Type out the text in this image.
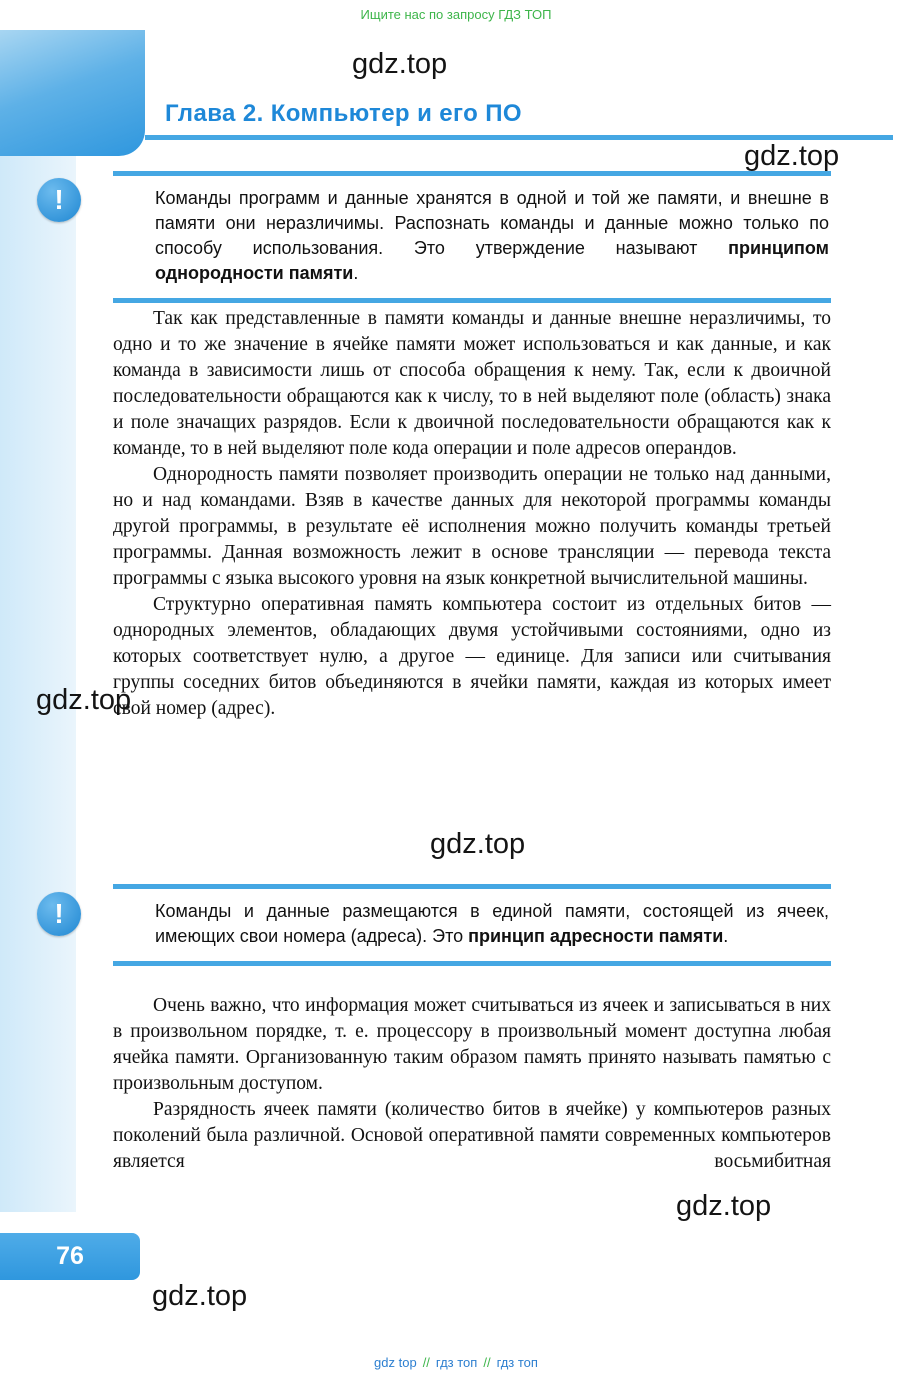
Ищите нас по запросу ГДЗ ТОП
gdz.top
gdz.top
gdz.top
gdz.top
gdz.top
gdz.top
Глава 2. Компьютер и его ПО
!	Команды программ и данные хранятся в одной и той же памяти, и внешне в памяти они неразличимы. Распознать команды и данные можно только по способу использования. Это утверждение называют принципом однородности памяти.

Так как представленные в памяти команды и данные внешне неразличимы, то одно и то же значение в ячейке памяти может использоваться и как данные, и как команда в зависимости лишь от способа обращения к нему. Так, если к двоичной последовательности обращаются как к числу, то в ней выделяют поле (область) знака и поле значащих разрядов. Если к двоичной последовательности обращаются как к команде, то в ней выделяют поле кода операции и поле адресов операндов.

Однородность памяти позволяет производить операции не только над данными, но и над командами. Взяв в качестве данных для некоторой программы команды другой программы, в результате её исполнения можно получить команды третьей программы. Данная возможность лежит в основе трансляции — перевода текста программы с языка высокого уровня на язык конкретной вычислительной машины.

Структурно оперативная память компьютера состоит из отдельных битов — однородных элементов, обладающих двумя устойчивыми состояниями, одно из которых соответствует нулю, а другое — единице. Для записи или считывания группы соседних битов объединяются в ячейки памяти, каждая из которых имеет свой номер (адрес).

!	Команды и данные размещаются в единой памяти, состоящей из ячеек, имеющих свои номера (адреса). Это принцип адресности памяти.

Очень важно, что информация может считываться из ячеек и записываться в них в произвольном порядке, т. е. процессору в произвольный момент доступна любая ячейка памяти. Организованную таким образом память принято называть памятью с произвольным доступом.

Разрядность ячеек памяти (количество битов в ячейке) у компьютеров разных поколений была различной. Основой оперативной памяти современных компьютеров является восьмибитная

76
gdz top // гдз топ // гдз топ
